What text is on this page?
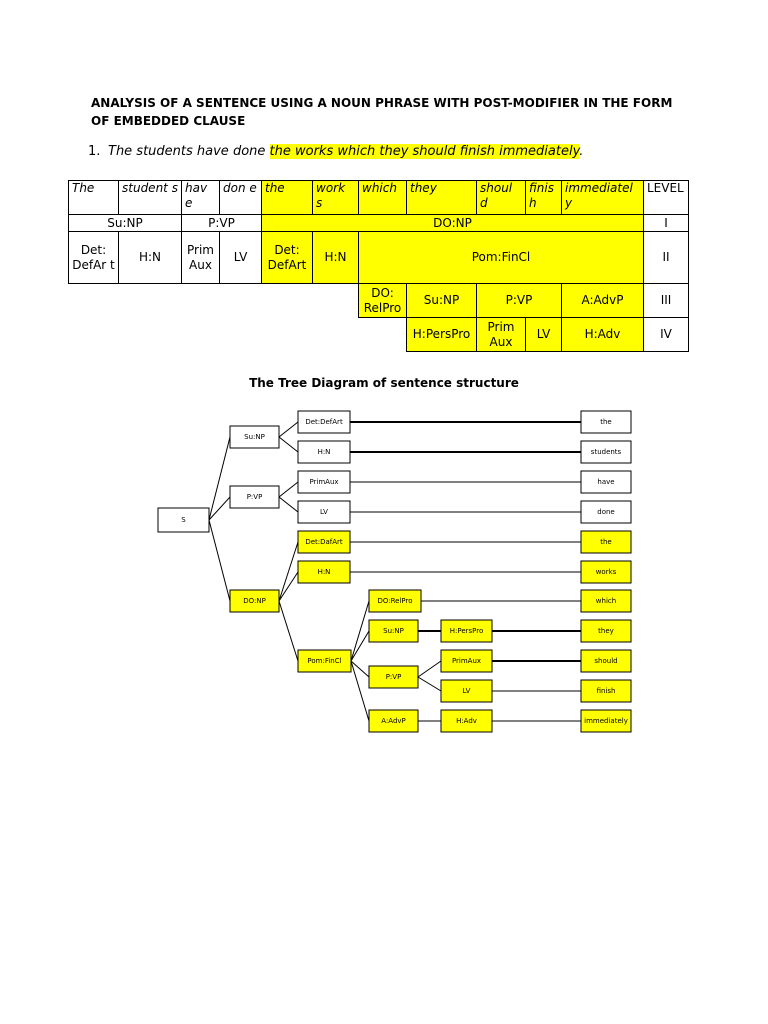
ANALYSIS OF A SENTENCE USING A NOUN PHRASE WITH POST-MODIFIER IN THE FORM OF EMBEDDED CLAUSE
1. The students have done the works which they should finish immediately.
The	student s	hav e	don e	the	work s	which	they	shoul d	finis h	immediatel y	LEVEL
Su:NP		P:VP		DO:NP							I
Det: DefAr t	H:N	Prim Aux	LV	Det: DefArt	H:N	Pom:FinCl					II
						DO: RelPro	Su:NP	P:VP		A:AdvP	III
							H:PersPro	Prim Aux	LV	H:Adv	IV
The Tree Diagram of sentence structure
S
Su:NP
P:VP
DO:NP
Det:DefArt
H:N
PrimAux
LV
Det:DafArt
H:N
Pom:FinCl
DO:RelPro
Su:NP
P:VP
A:AdvP
H:PersPro
PrimAux
LV
H:Adv
the
students
have
done
the
works
which
they
should
finish
immediately
